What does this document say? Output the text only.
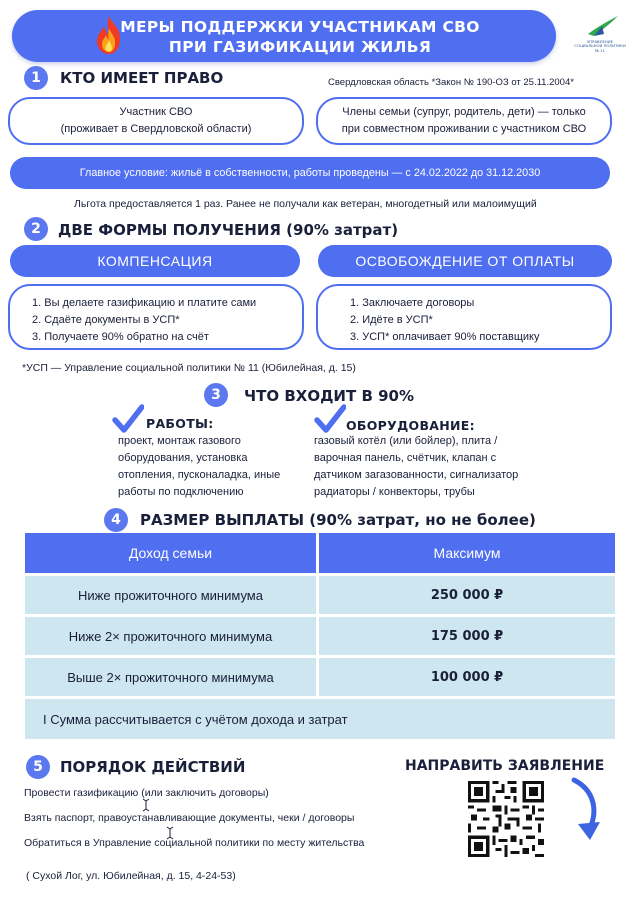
МЕРЫ ПОДДЕРЖКИ УЧАСТНИКАМ СВО
ПРИ ГАЗИФИКАЦИИ ЖИЛЬЯ	УПРАВЛЕНИЕ
СОЦИАЛЬНОЙ ПОЛИТИКИ № 11
1	КТО ИМЕЕТ ПРАВО	Свердловская область *Закон № 190-ОЗ от 25.11.2004*
Участник СВО
(проживает в Свердловской области)
Члены семьи (супруг, родитель, дети) — только
при совместном проживании с участником СВО
Главное условие: жильё в собственности, работы проведены — с 24.02.2022 до 31.12.2030
Льгота предоставляется 1 раз. Ранее не получали как ветеран, многодетный или малоимущий
2	ДВЕ ФОРМЫ ПОЛУЧЕНИЯ (90% затрат)
КОМПЕНСАЦИЯ	ОСВОБОЖДЕНИЕ ОТ ОПЛАТЫ
1. Вы делаете газификацию и платите сами
2. Сдаёте документы в УСП*
3. Получаете 90% обратно на счёт
1. Заключаете договоры
2. Идёте в УСП*
3. УСП* оплачивает 90% поставщику
*УСП — Управление социальной политики № 11 (Юбилейная, д. 15)
3	ЧТО ВХОДИТ В 90%
РАБОТЫ:
проект, монтаж газового
оборудования, установка
отопления, пусконаладка, иные
работы по подключению
ОБОРУДОВАНИЕ:
газовый котёл (или бойлер), плита /
варочная панель, счётчик, клапан с
датчиком загазованности, сигнализатор
радиаторы / конвекторы, трубы
4	РАЗМЕР ВЫПЛАТЫ (90% затрат, но не более)
Доход семьи	Максимум
Ниже прожиточного минимума	250 000 ₽
Ниже 2× прожиточного минимума	175 000 ₽
Выше 2× прожиточного минимума	100 000 ₽
I Сумма рассчитывается с учётом дохода и затрат
5	ПОРЯДОК ДЕЙСТВИЙ	НАПРАВИТЬ ЗАЯВЛЕНИЕ
Провести газификацию (или заключить договоры)
Взять паспорт, правоустанавливающие документы, чеки / договоры
Обратиться в Управление социальной политики по месту жительства
( Сухой Лог, ул. Юбилейная, д. 15, 4-24-53)
